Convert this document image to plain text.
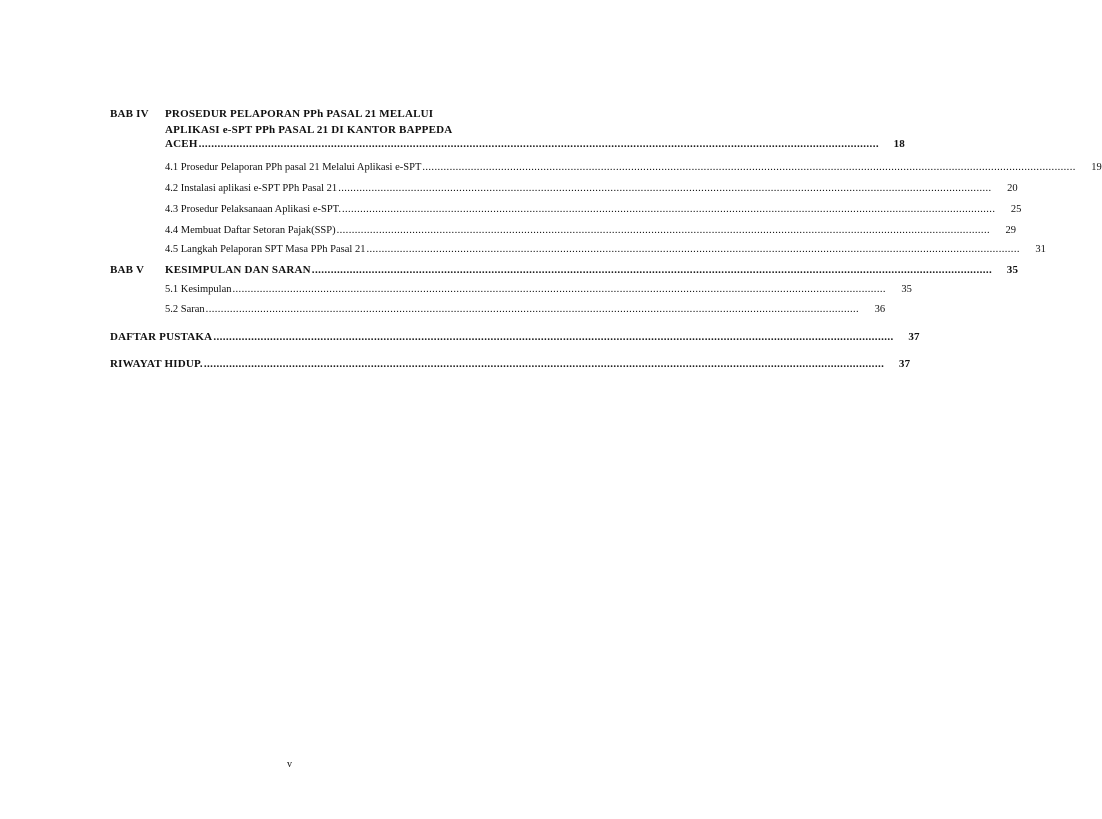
BAB IV PROSEDUR PELAPORAN PPh PASAL 21 MELALUI
APLIKASI e-SPT PPh PASAL 21 DI KANTOR BAPPEDA
ACEH ........................................................................................................................................................................................................................	18
4.1 Prosedur Pelaporan PPh pasal 21 Melalui Aplikasi e-SPT ........................................................................................................................................................................................................................	19
4.2 Instalasi aplikasi e-SPT PPh Pasal 21 ........................................................................................................................................................................................................................	20
4.3 Prosedur Pelaksanaan Aplikasi e-SPT. ........................................................................................................................................................................................................................	25
4.4 Membuat Daftar Setoran Pajak(SSP) ........................................................................................................................................................................................................................	29
4.5 Langkah Pelaporan SPT Masa PPh Pasal 21 ........................................................................................................................................................................................................................	31
BAB V KESIMPULAN DAN SARAN ........................................................................................................................................................................................................................	35
5.1 Kesimpulan ........................................................................................................................................................................................................................	35
5.2 Saran ........................................................................................................................................................................................................................	36
DAFTAR PUSTAKA ........................................................................................................................................................................................................................	37
RIWAYAT HIDUP. ........................................................................................................................................................................................................................	37
v
